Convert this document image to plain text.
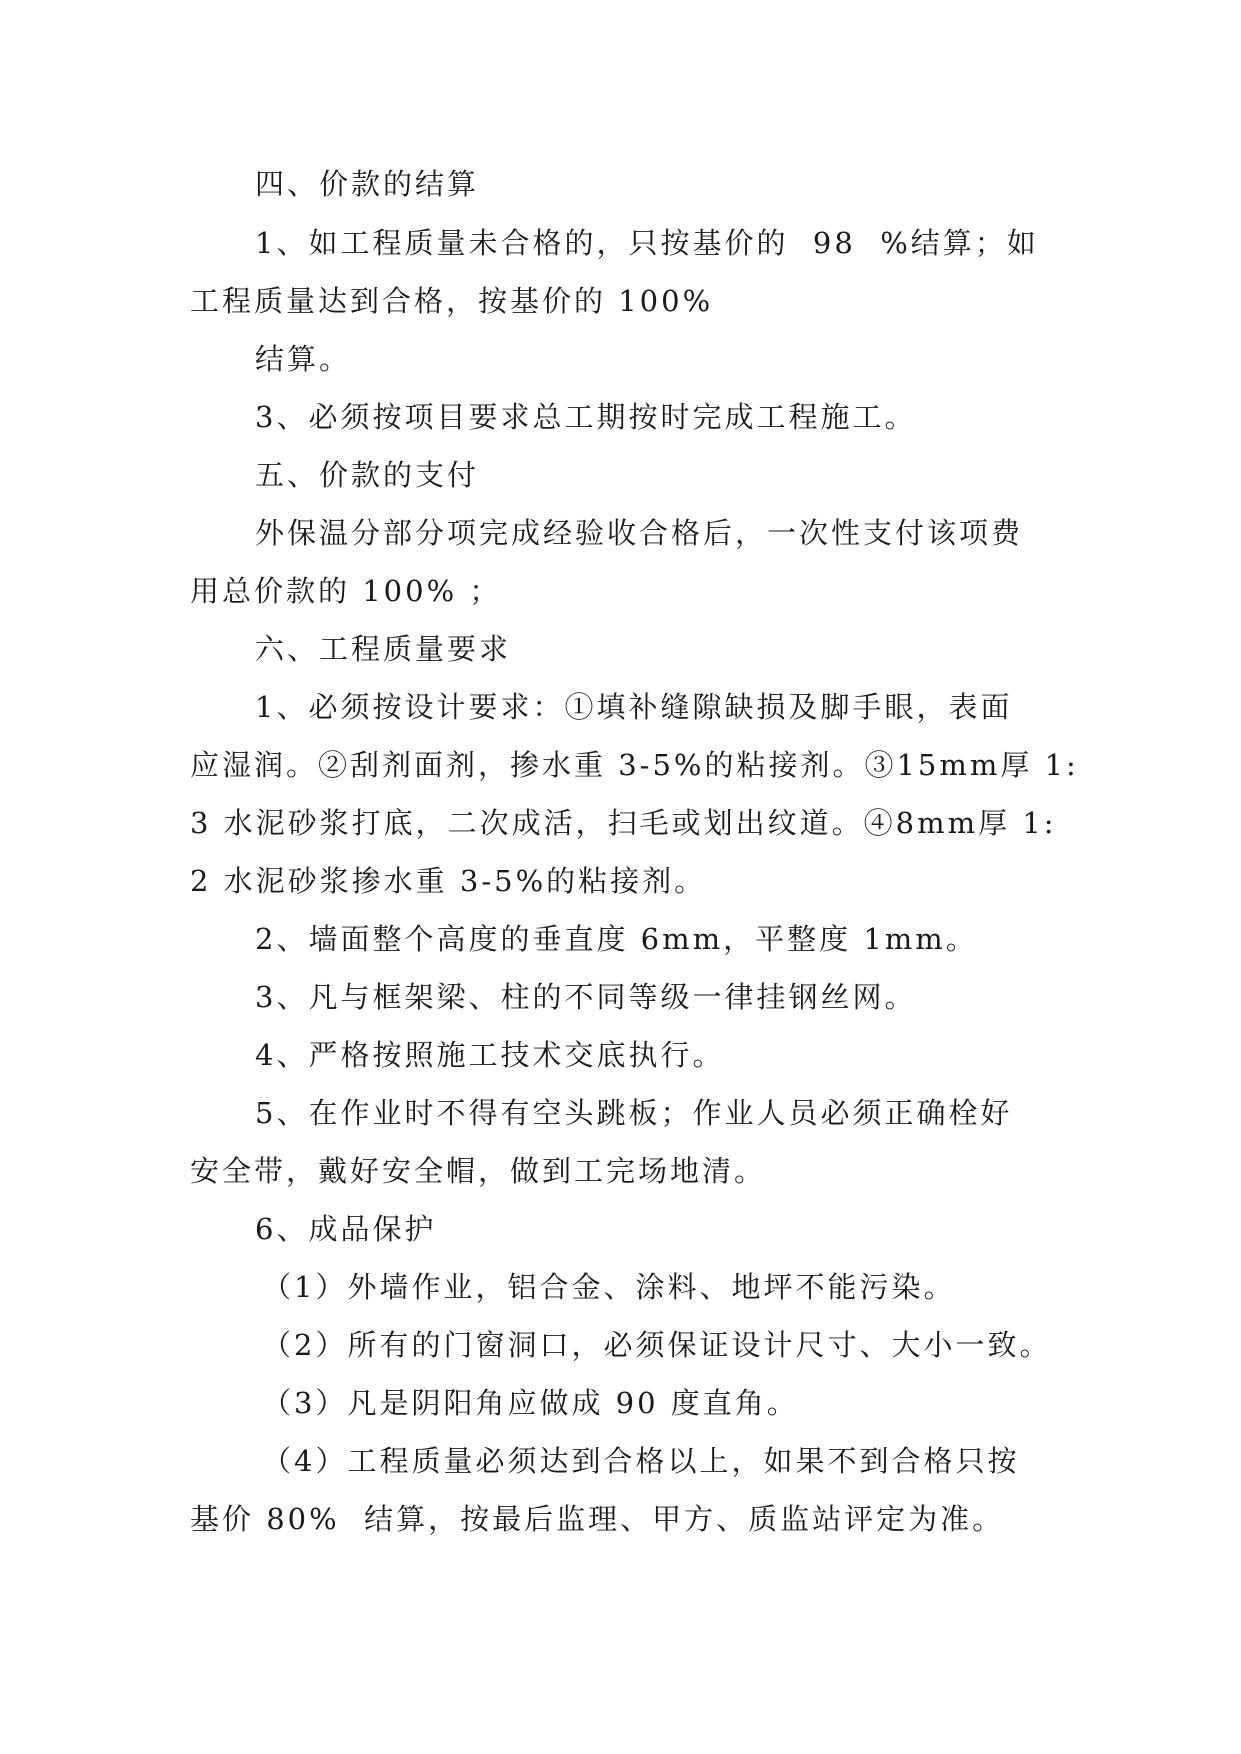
四、价款的结算
1、如工程质量未合格的，只按基价的  98  %结算；如
工程质量达到合格，按基价的 100%
结算。
3、必须按项目要求总工期按时完成工程施工。
五、价款的支付
外保温分部分项完成经验收合格后，一次性支付该项费
用总价款的 100% ；
六、工程质量要求
1、必须按设计要求：①填补缝隙缺损及脚手眼，表面
应湿润。②刮剂面剂，掺水重 3-5%的粘接剂。③15mm厚 1:
3 水泥砂浆打底，二次成活，扫毛或划出纹道。④8mm厚 1:
2 水泥砂浆掺水重 3-5%的粘接剂。
2、墙面整个高度的垂直度 6mm，平整度 1mm。
3、凡与框架梁、柱的不同等级一律挂钢丝网。
4、严格按照施工技术交底执行。
5、在作业时不得有空头跳板；作业人员必须正确栓好
安全带，戴好安全帽，做到工完场地清。
6、成品保护
（1）外墙作业，铝合金、涂料、地坪不能污染。
（2）所有的门窗洞口，必须保证设计尺寸、大小一致。
（3）凡是阴阳角应做成 90 度直角。
（4）工程质量必须达到合格以上，如果不到合格只按
基价 80%  结算，按最后监理、甲方、质监站评定为准。
